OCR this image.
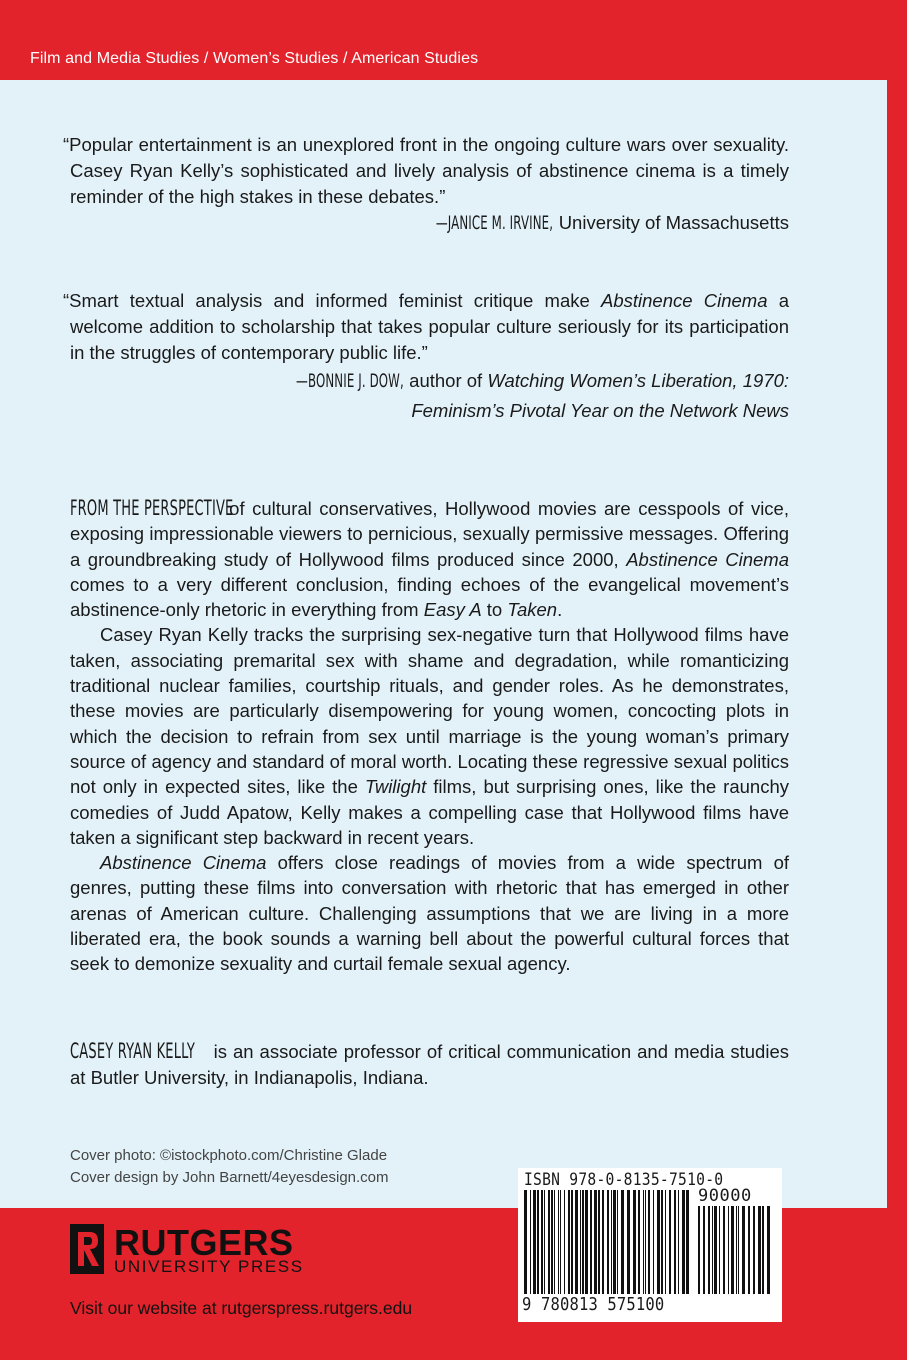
Film and Media Studies / Women’s Studies / American Studies
“Popular entertainment is an unexplored front in the ongoing culture wars over sexuality. Casey Ryan Kelly’s sophisticated and lively analysis of abstinence cinema is a timely reminder of the high stakes in these debates.”
—JANICE M. IRVINE, University of Massachusetts
“Smart textual analysis and informed feminist critique make Abstinence Cinema a welcome addition to scholarship that takes popular culture seriously for its participation in the struggles of contemporary public life.”
—BONNIE J. DOW, author of Watching Women’s Liberation, 1970:
Feminism’s Pivotal Year on the Network News

FROM THE PERSPECTIVE of cultural conservatives, Hollywood movies are cesspools of vice, exposing impressionable viewers to pernicious, sexually permissive messages. Offering a groundbreaking study of Hollywood films produced since 2000, Abstinence Cinema comes to a very different conclusion, finding echoes of the evangelical movement’s abstinence-only rhetoric in everything from Easy A to Taken.

Casey Ryan Kelly tracks the surprising sex-negative turn that Hollywood films have taken, associating premarital sex with shame and degradation, while romanticizing traditional nuclear families, courtship rituals, and gender roles. As he demonstrates, these movies are particularly disempowering for young women, concocting plots in which the decision to refrain from sex until marriage is the young woman’s primary source of agency and standard of moral worth. Locating these regressive sexual politics not only in expected sites, like the Twilight films, but surprising ones, like the raunchy comedies of Judd Apatow, Kelly makes a compelling case that Hollywood films have taken a significant step backward in recent years.

Abstinence Cinema offers close readings of movies from a wide spectrum of genres, putting these films into conversation with rhetoric that has emerged in other arenas of American culture. Challenging assumptions that we are living in a more liberated era, the book sounds a warning bell about the powerful cultural forces that seek to demonize sexuality and curtail female sexual agency.

CASEY RYAN KELLY is an associate professor of critical communication and media studies at Butler University, in Indianapolis, Indiana.
Cover photo: ©istockphoto.com/Christine Glade
Cover design by John Barnett/4eyesdesign.com	ISBN 978-0-8135-7510-0
90000
9 780813 575100
RUTGERS
UNIVERSITY PRESS
Visit our website at rutgerspress.rutgers.edu
